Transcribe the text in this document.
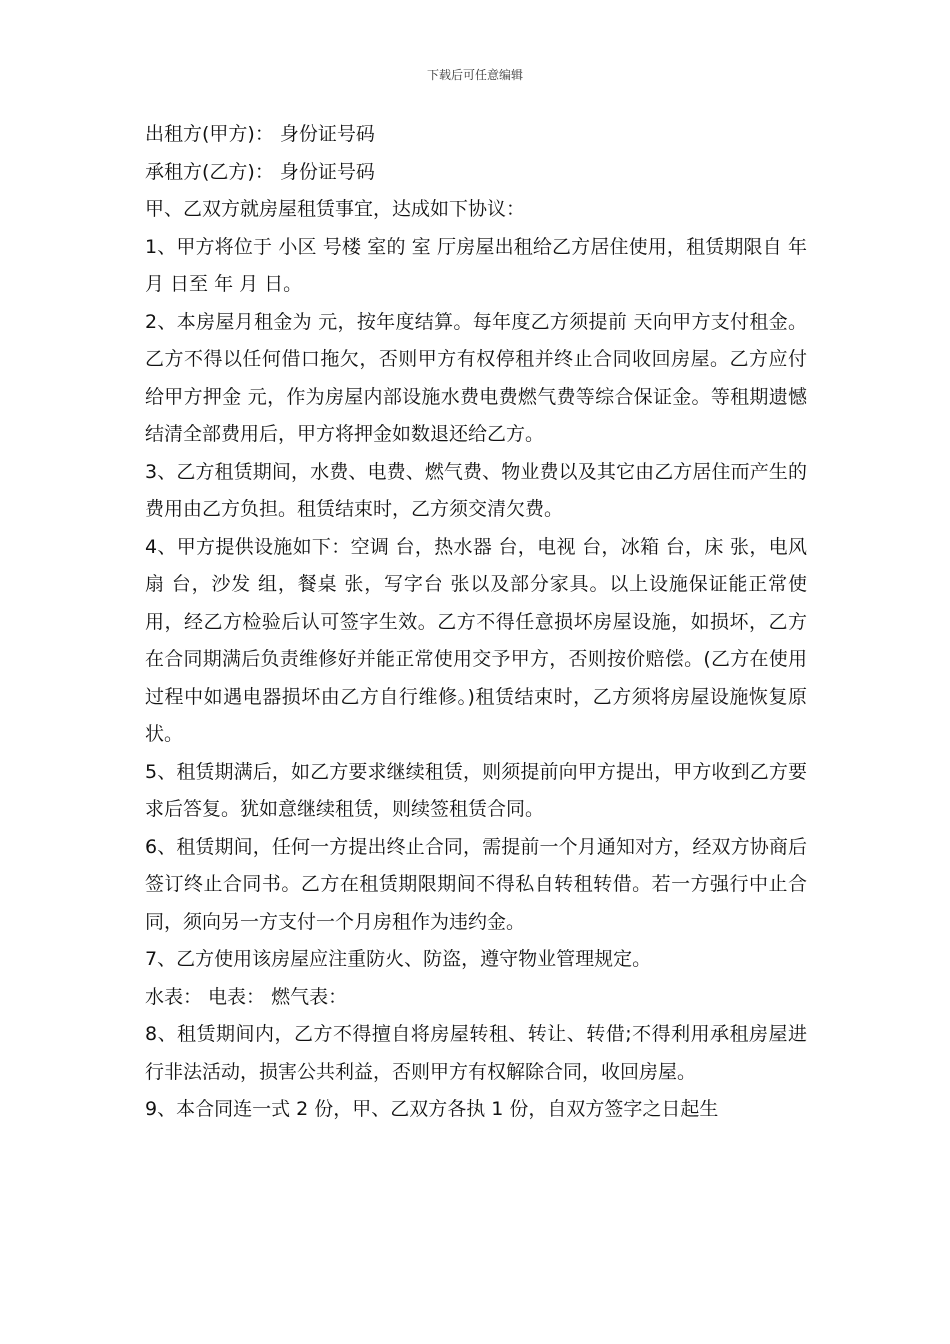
下载后可任意编辑

出租方(甲方)： 身份证号码

承租方(乙方)： 身份证号码

甲、乙双方就房屋租赁事宜，达成如下协议：

1、甲方将位于 小区 号楼 室的 室 厅房屋出租给乙方居住使用，租赁期限自 年 月 日至 年 月 日。

2、本房屋月租金为 元，按年度结算。每年度乙方须提前 天向甲方支付租金。乙方不得以任何借口拖欠，否则甲方有权停租并终止合同收回房屋。乙方应付给甲方押金 元，作为房屋内部设施水费电费燃气费等综合保证金。等租期遗憾结清全部费用后，甲方将押金如数退还给乙方。

3、乙方租赁期间，水费、电费、燃气费、物业费以及其它由乙方居住而产生的费用由乙方负担。租赁结束时，乙方须交清欠费。

4、甲方提供设施如下：空调 台，热水器 台，电视 台，冰箱 台，床 张，电风扇 台，沙发 组，餐桌 张，写字台 张以及部分家具。以上设施保证能正常使用，经乙方检验后认可签字生效。乙方不得任意损坏房屋设施，如损坏，乙方在合同期满后负责维修好并能正常使用交予甲方，否则按价赔偿。(乙方在使用过程中如遇电器损坏由乙方自行维修。)租赁结束时，乙方须将房屋设施恢复原状。

5、租赁期满后，如乙方要求继续租赁，则须提前向甲方提出，甲方收到乙方要求后答复。犹如意继续租赁，则续签租赁合同。

6、租赁期间，任何一方提出终止合同，需提前一个月通知对方，经双方协商后签订终止合同书。乙方在租赁期限期间不得私自转租转借。若一方强行中止合同，须向另一方支付一个月房租作为违约金。

7、乙方使用该房屋应注重防火、防盗，遵守物业管理规定。

水表： 电表： 燃气表：

8、租赁期间内，乙方不得擅自将房屋转租、转让、转借;不得利用承租房屋进行非法活动，损害公共利益，否则甲方有权解除合同，收回房屋。

9、本合同连一式 2 份，甲、乙双方各执 1 份，自双方签字之日起生
